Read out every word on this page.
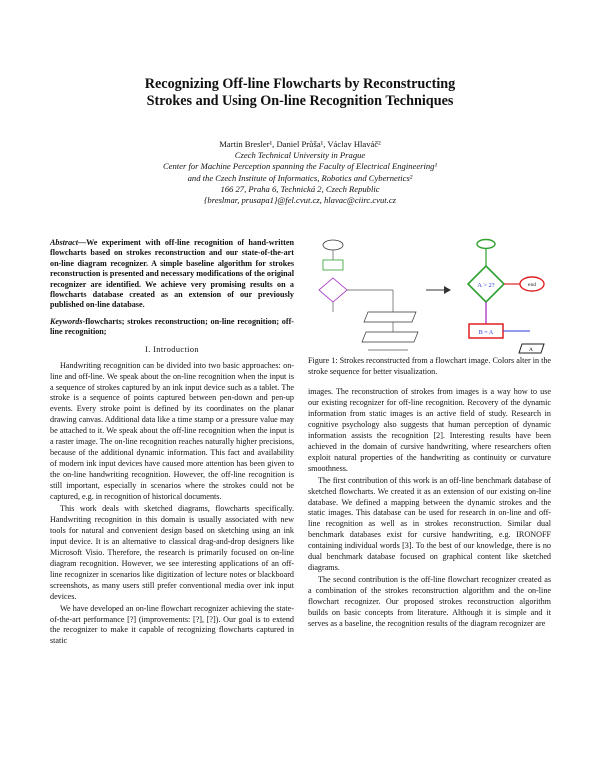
Recognizing Off-line Flowcharts by Reconstructing
Strokes and Using On-line Recognition Techniques
Martin Bresler¹, Daniel Průša¹, Václav Hlaváč²
Czech Technical University in Prague
Center for Machine Perception spanning the Faculty of Electrical Engineering¹
and the Czech Institute of Informatics, Robotics and Cybernetics²
166 27, Praha 6, Technická 2, Czech Republic
{breslmar, prusapa1}@fel.cvut.cz, hlavac@ciirc.cvut.cz

Abstract—We experiment with off-line recognition of hand-written flowcharts based on strokes reconstruction and our state-of-the-art on-line diagram recognizer. A simple baseline algorithm for strokes reconstruction is presented and necessary modifications of the original recognizer are identified. We achieve very promising results on a flowcharts database created as an extension of our previously published on-line database.

Keywords-flowcharts; strokes reconstruction; on-line recognition; off-line recognition;

I. Introduction

Handwriting recognition can be divided into two basic approaches: on-line and off-line. We speak about the on-line recognition when the input is a sequence of strokes captured by an ink input device such as a tablet. The stroke is a sequence of points captured between pen-down and pen-up events. Every stroke point is defined by its coordinates on the planar drawing canvas. Additional data like a time stamp or a pressure value may be attached to it. We speak about the off-line recognition when the input is a raster image. The on-line recognition reaches naturally higher precisions, because of the additional dynamic information. This fact and availability of modern ink input devices have caused more attention has been given to the on-line handwriting recognition. However, the off-line recognition is still important, especially in scenarios where the strokes could not be captured, e.g. in recognition of historical documents.

This work deals with sketched diagrams, flowcharts specifically. Handwriting recognition in this domain is usually associated with new tools for natural and convenient design based on sketching using an ink input device. It is an alternative to classical drag-and-drop designers like Microsoft Visio. Therefore, the research is primarily focused on on-line diagram recognition. However, we see interesting applications of an off-line recognizer in scenarios like digitization of lecture notes or blackboard screenshots, as many users still prefer conventional media over ink input devices.

We have developed an on-line flowchart recognizer achieving the state-of-the-art performance [?] (improvements: [?], [?]). Our goal is to extend the recognizer to make it capable of recognizing flowcharts captured in static

A > 2?	end
B = A
A
Figure 1: Strokes reconstructed from a flowchart image. Colors alter in the stroke sequence for better visualization.

images. The reconstruction of strokes from images is a way how to use our existing recognizer for off-line recognition. Recovery of the dynamic information from static images is an active field of study. Research in cognitive psychology also suggests that human perception of dynamic information assists the recognition [2]. Interesting results have been achieved in the domain of cursive handwriting, where researchers often exploit natural properties of the handwriting as continuity or curvature smoothness.

The first contribution of this work is an off-line benchmark database of sketched flowcharts. We created it as an extension of our existing on-line database. We defined a mapping between the dynamic strokes and the static images. This database can be used for research in on-line and off-line recognition as well as in strokes reconstruction. Similar dual benchmark databases exist for cursive handwriting, e.g. IRONOFF containing individual words [3]. To the best of our knowledge, there is no dual benchmark database focused on graphical content like sketched diagrams.

The second contribution is the off-line flowchart recognizer created as a combination of the strokes reconstruction algorithm and the on-line flowchart recognizer. Our proposed strokes reconstruction algorithm builds on basic concepts from literature. Although it is simple and it serves as a baseline, the recognition results of the diagram recognizer are
